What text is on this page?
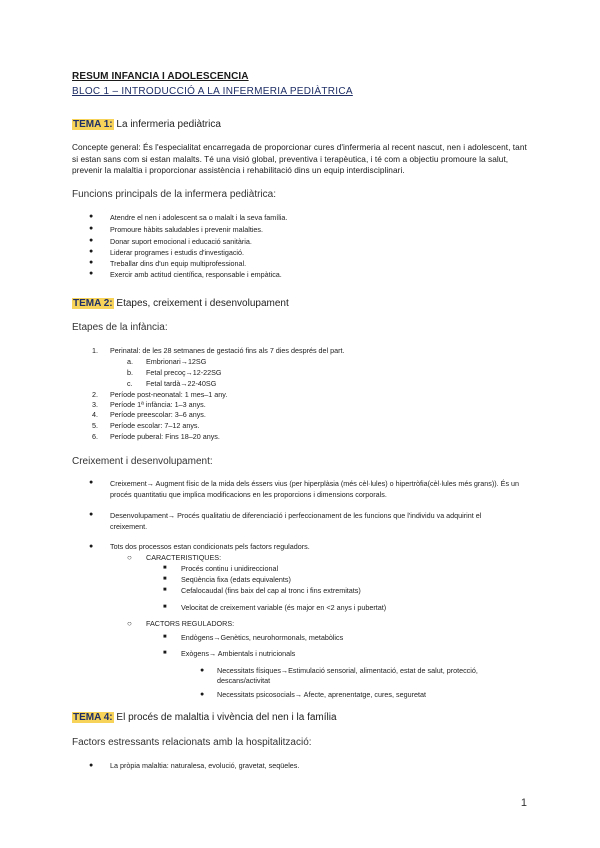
RESUM INFANCIA I ADOLESCENCIA
BLOC 1 – INTRODUCCIÓ A LA INFERMERIA PEDIÀTRICA
TEMA 1: La infermeria pediàtrica
Concepte general: És l'especialitat encarregada de proporcionar cures d'infermeria al recent nascut, nen i adolescent, tant si estan sans com si estan malalts. Té una visió global, preventiva i terapèutica, i té com a objectiu promoure la salut, prevenir la malaltia i proporcionar assistència i rehabilitació dins un equip interdisciplinari.
Funcions principals de la infermera pediàtrica:
● Atendre el nen i adolescent sa o malalt i la seva família.
● Promoure hàbits saludables i prevenir malalties.
● Donar suport emocional i educació sanitària.
● Liderar programes i estudis d'investigació.
● Treballar dins d'un equip multiprofessional.
● Exercir amb actitud científica, responsable i empàtica.
TEMA 2: Etapes, creixement i desenvolupament
Etapes de la infància:
1. Perinatal: de les 28 setmanes de gestació fins als 7 dies després del part.
a. Embrionari→12SG
b. Fetal precoç→12-22SG
c. Fetal tardà→22-40SG
2. Període post-neonatal: 1 mes–1 any.
3. Període 1ª infància: 1–3 anys.
4. Període preescolar: 3–6 anys.
5. Període escolar: 7–12 anys.
6. Període puberal: Fins 18–20 anys.
Creixement i desenvolupament:
● Creixement→ Augment físic de la mida dels éssers vius (per hiperplàsia (més cèl·lules) o hipertròfia(cèl·lules més grans)). És un procés quantitatiu que implica modificacions en les proporcions i dimensions corporals.
● Desenvolupament→ Procés qualitatiu de diferenciació i perfeccionament de les funcions que l'individu va adquirint el creixement.
● Tots dos processos estan condicionats pels factors reguladors.
○ CARACTERISTIQUES:
■ Procés continu i unidireccional
■ Seqüència fixa (edats equivalents)
■ Cefalocaudal (fins baix del cap al tronc i fins extremitats)
■ Velocitat de creixement variable (és major en <2 anys i pubertat)
○ FACTORS REGULADORS:
■ Endògens→Genètics, neurohormonals, metabòlics
■ Exògens→ Ambientals i nutricionals
● Necessitats físiques→Estimulació sensorial, alimentació, estat de salut, protecció, descans/activitat
● Necessitats psicosocials→ Afecte, aprenentatge, cures, seguretat
TEMA 4: El procés de malaltia i vivència del nen i la família
Factors estressants relacionats amb la hospitalització:
● La pròpia malaltia: naturalesa, evolució, gravetat, seqüeles.
1
